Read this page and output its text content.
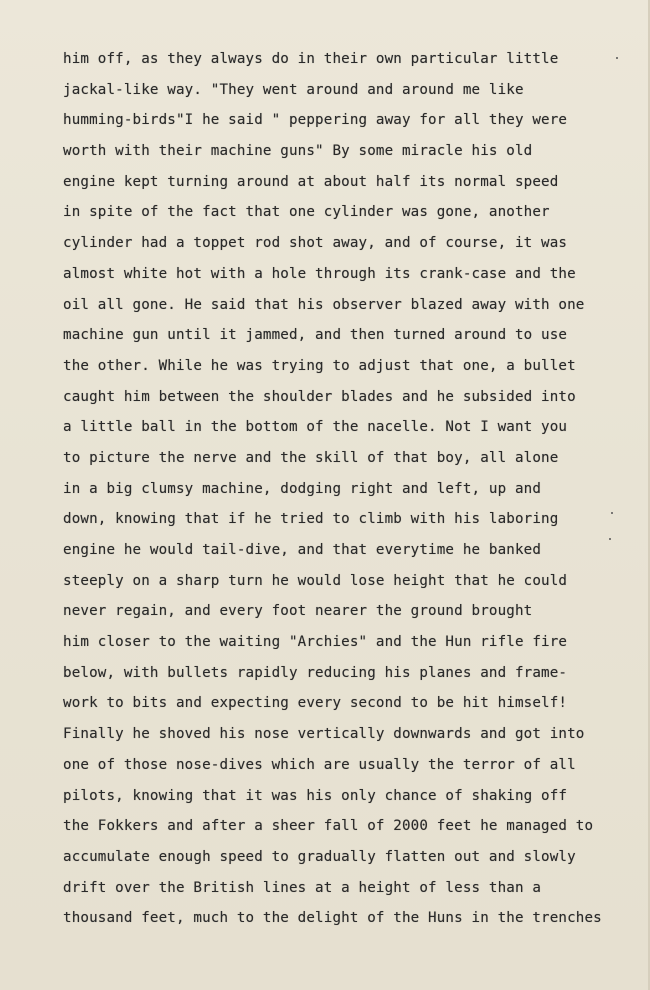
him off, as they always do in their own particular little
jackal-like way. "They went around and around me like
humming-birds"I he said " peppering away for all they were
worth with their machine guns" By some miracle his old
engine kept turning around at about half its normal speed
in spite of the fact that one cylinder was gone, another
cylinder had a toppet rod shot away, and of course, it was
almost white hot with a hole through its crank-case and the
oil all gone. He said that his observer blazed away with one
machine gun until it jammed, and then turned around to use
the other. While he was trying to adjust that one, a bullet
caught him between the shoulder blades and he subsided into
a little ball in the bottom of the nacelle. Not I want you
to picture the nerve and the skill of that boy, all alone
in a big clumsy machine, dodging right and left, up and
down, knowing that if he tried to climb with his laboring
engine he would tail-dive, and that everytime he banked
steeply on a sharp turn he would lose height that he could
never regain, and every foot nearer the ground brought
him closer to the waiting "Archies" and the Hun rifle fire
below, with bullets rapidly reducing his planes and frame-
work to bits and expecting every second to be hit himself!
Finally he shoved his nose vertically downwards and got into
one of those nose-dives which are usually the terror of all
pilots, knowing that it was his only chance of shaking off
the Fokkers and after a sheer fall of 2000 feet he managed to
accumulate enough speed to gradually flatten out and slowly
drift over the British lines at a height of less than a
thousand feet, much to the delight of the Huns in the trenches
